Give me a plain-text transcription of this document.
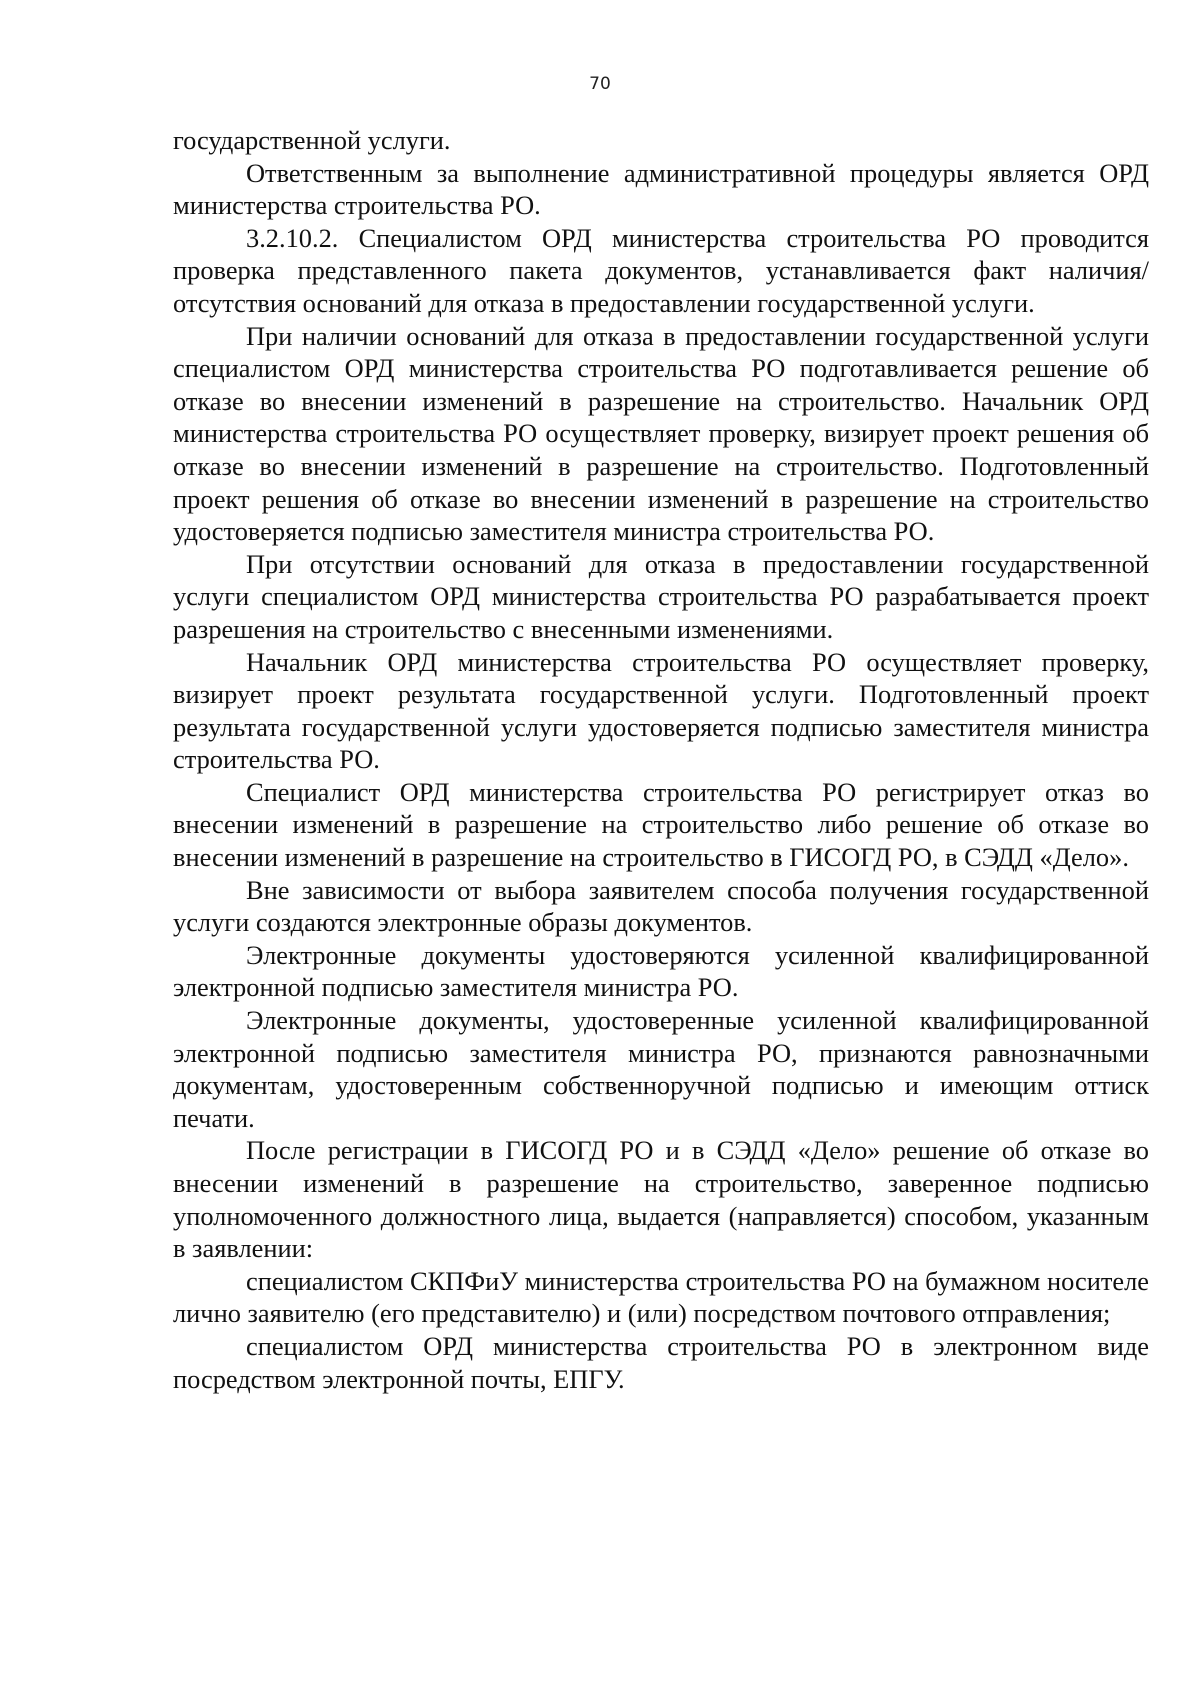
70

государственной услуги.

Ответственным за выполнение административной процедуры является ОРД министерства строительства РО.

3.2.10.2. Специалистом ОРД министерства строительства РО проводится проверка представленного пакета документов, устанавливается факт наличия/отсутствия оснований для отказа в предоставлении государственной услуги.

При наличии оснований для отказа в предоставлении государственной услуги специалистом ОРД министерства строительства РО подготавливается решение об отказе во внесении изменений в разрешение на строительство. Начальник ОРД министерства строительства РО осуществляет проверку, визирует проект решения об отказе во внесении изменений в разрешение на строительство. Подготовленный проект решения об отказе во внесении изменений в разрешение на строительство удостоверяется подписью заместителя министра строительства РО.

При отсутствии оснований для отказа в предоставлении государственной услуги специалистом ОРД министерства строительства РО разрабатывается проект разрешения на строительство с внесенными изменениями.

Начальник ОРД министерства строительства РО осуществляет проверку, визирует проект результата государственной услуги. Подготовленный проект результата государственной услуги удостоверяется подписью заместителя министра строительства РО.

Специалист ОРД министерства строительства РО регистрирует отказ во внесении изменений в разрешение на строительство либо решение об отказе во внесении изменений в разрешение на строительство в ГИСОГД РО, в СЭДД «Дело».

Вне зависимости от выбора заявителем способа получения государственной услуги создаются электронные образы документов.

Электронные документы удостоверяются усиленной квалифицированной электронной подписью заместителя министра РО.

Электронные документы, удостоверенные усиленной квалифицированной электронной подписью заместителя министра РО, признаются равнозначными документам, удостоверенным собственноручной подписью и имеющим оттиск печати.

После регистрации в ГИСОГД РО и в СЭДД «Дело» решение об отказе во внесении изменений в разрешение на строительство, заверенное подписью уполномоченного должностного лица, выдается (направляется) способом, указанным в заявлении:

специалистом СКПФиУ министерства строительства РО на бумажном носителе лично заявителю (его представителю) и (или) посредством почтового отправления;

специалистом ОРД министерства строительства РО в электронном виде посредством электронной почты, ЕПГУ.
